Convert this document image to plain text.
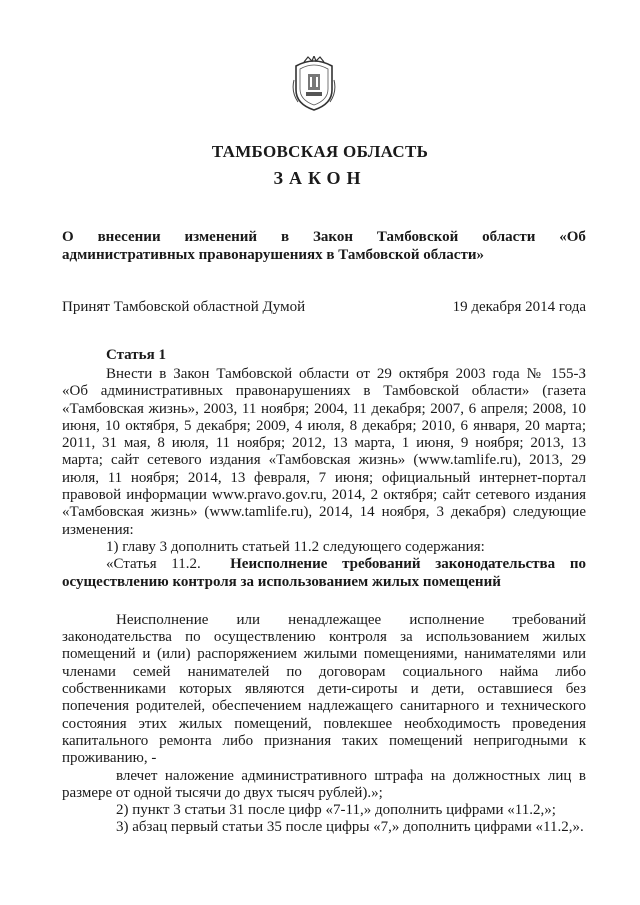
ТАМБОВСКАЯ ОБЛАСТЬ
ЗАКОН
О внесении изменений в Закон Тамбовской области «Об
административных правонарушениях в Тамбовской области»
Принят Тамбовской областной Думой	19 декабря 2014 года
Статья 1

Внести в Закон Тамбовской области от 29 октября 2003 года № 155-З

«Об административных правонарушениях в Тамбовской области» (газета

«Тамбовская жизнь», 2003, 11 ноября; 2004, 11 декабря; 2007, 6 апреля; 2008, 10

июня, 10 октября, 5 декабря; 2009, 4 июля, 8 декабря; 2010, 6 января, 20 марта;

2011, 31 мая, 8 июля, 11 ноября; 2012, 13 марта, 1 июня, 9 ноября; 2013, 13

марта; сайт сетевого издания «Тамбовская жизнь» (www.tamlife.ru), 2013, 29

июля, 11 ноября; 2014, 13 февраля, 7 июня; официальный интернет-портал

правовой информации www.pravo.gov.ru, 2014, 2 октября; сайт сетевого издания

«Тамбовская жизнь» (www.tamlife.ru), 2014, 14 ноября, 3 декабря) следующие

изменения:

1) главу 3 дополнить статьей 11.2 следующего содержания:

«Статья 11.2. Неисполнение требований законодательства по

осуществлению контроля за использованием жилых помещений

Неисполнение или ненадлежащее исполнение требований

законодательства по осуществлению контроля за использованием жилых

помещений и (или) распоряжением жилыми помещениями, нанимателями или

членами семей нанимателей по договорам социального найма либо

собственниками которых являются дети-сироты и дети, оставшиеся без

попечения родителей, обеспечением надлежащего санитарного и технического

состояния этих жилых помещений, повлекшее необходимость проведения

капитального ремонта либо признания таких помещений непригодными к

проживанию, -

влечет наложение административного штрафа на должностных лиц в

размере от одной тысячи до двух тысяч рублей).»;

2) пункт 3 статьи 31 после цифр «7-11,» дополнить цифрами «11.2,»;

3) абзац первый статьи 35 после цифры «7,» дополнить цифрами «11.2,».
